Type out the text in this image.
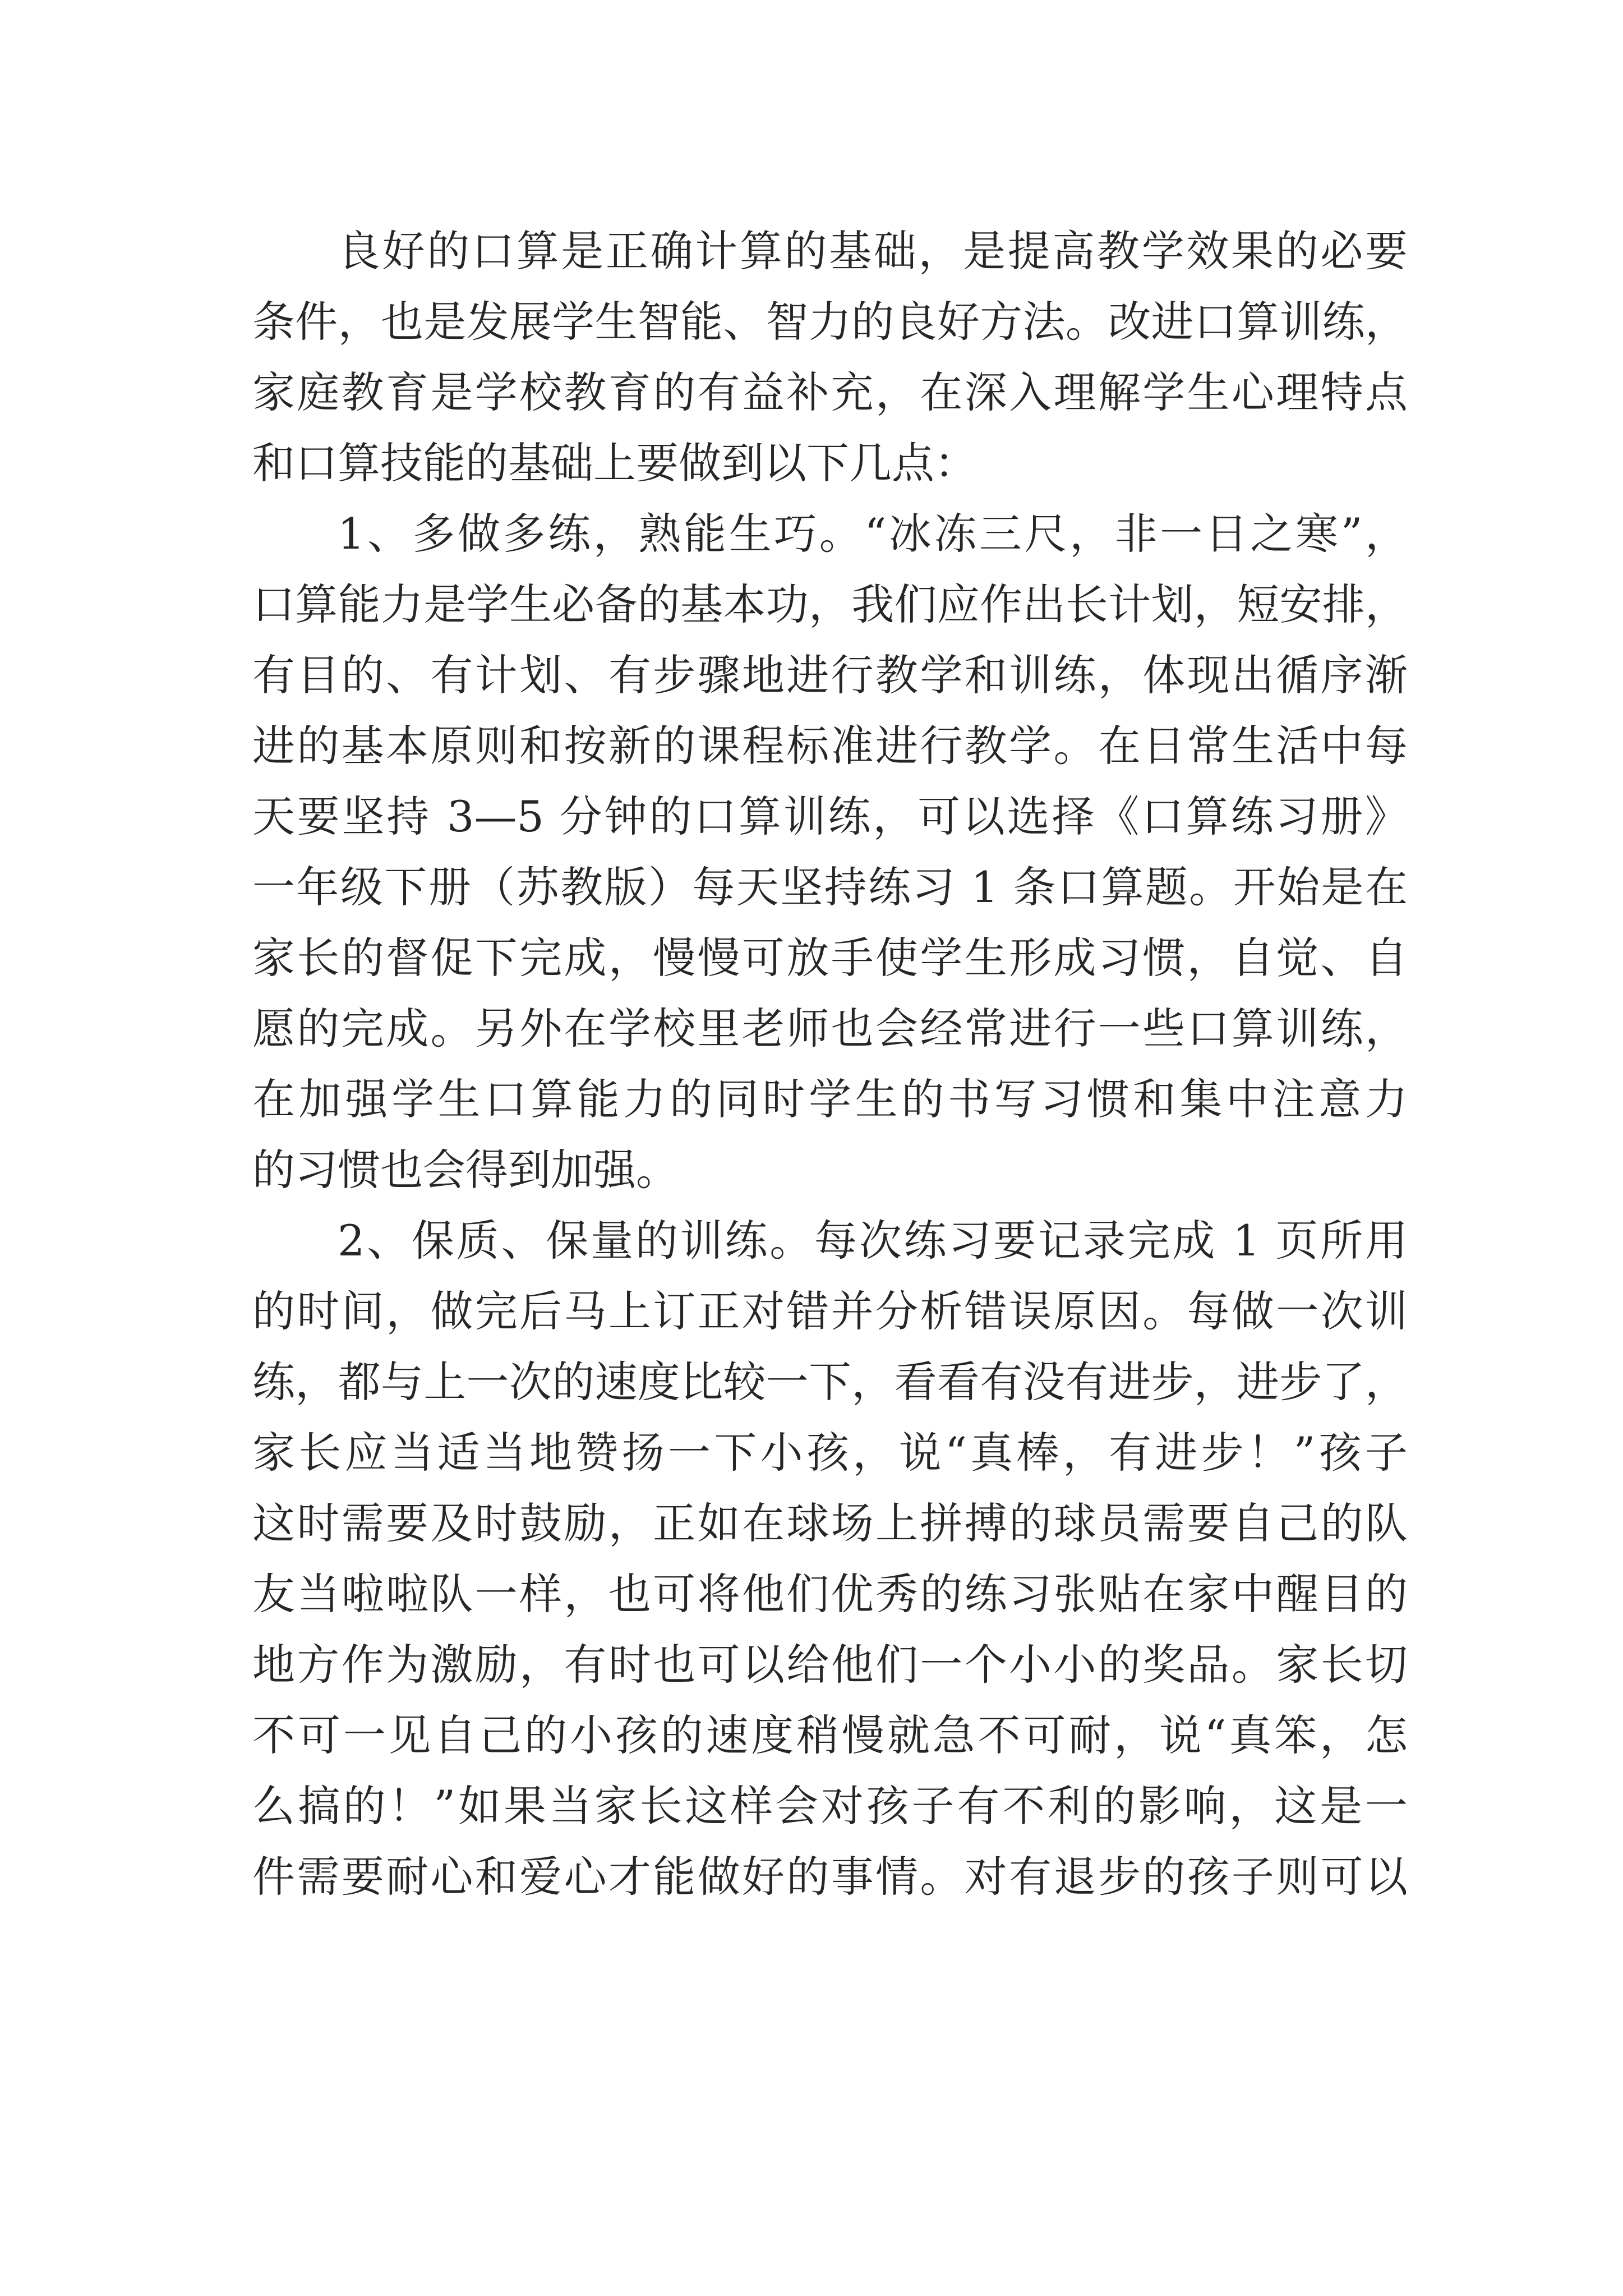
良好的口算是正确计算的基础，是提高教学效果的必要
条件，也是发展学生智能、智力的良好方法。改进口算训练，
家庭教育是学校教育的有益补充，在深入理解学生心理特点
和口算技能的基础上要做到以下几点：
1、多做多练，熟能生巧。“冰冻三尺，非一日之寒”，
口算能力是学生必备的基本功，我们应作出长计划，短安排，
有目的、有计划、有步骤地进行教学和训练，体现出循序渐
进的基本原则和按新的课程标准进行教学。在日常生活中每
天要坚持 3—5 分钟的口算训练，可以选择《口算练习册》
一年级下册（苏教版）每天坚持练习 1 条口算题。开始是在
家长的督促下完成，慢慢可放手使学生形成习惯，自觉、自
愿的完成。另外在学校里老师也会经常进行一些口算训练，
在加强学生口算能力的同时学生的书写习惯和集中注意力
的习惯也会得到加强。
2、保质、保量的训练。每次练习要记录完成 1 页所用
的时间，做完后马上订正对错并分析错误原因。每做一次训
练，都与上一次的速度比较一下，看看有没有进步，进步了，
家长应当适当地赞扬一下小孩，说“真棒，有进步！”孩子
这时需要及时鼓励，正如在球场上拼搏的球员需要自己的队
友当啦啦队一样，也可将他们优秀的练习张贴在家中醒目的
地方作为激励，有时也可以给他们一个小小的奖品。家长切
不可一见自己的小孩的速度稍慢就急不可耐，说“真笨，怎
么搞的！”如果当家长这样会对孩子有不利的影响，这是一
件需要耐心和爱心才能做好的事情。对有退步的孩子则可以
